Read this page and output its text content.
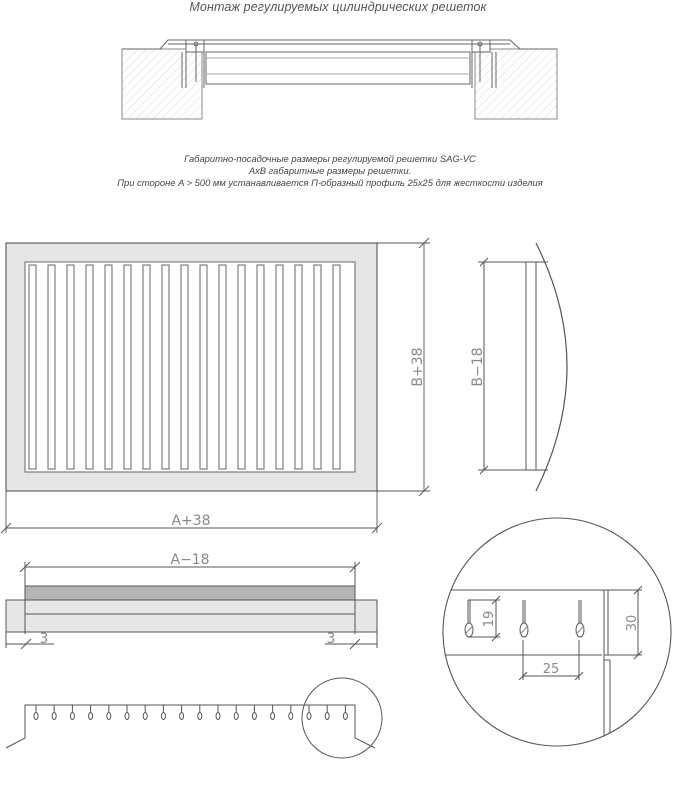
Монтаж регулируемых цилиндрических решеток
B+38	B−18
A+38
A−18
3	3
19	30
25
Габаритно-посадочные размеры регулируемой решетки SAG-VC
AxB габаритные размеры решетки.
При стороне A > 500 мм устанавливается П-образный профиль 25х25 для жесткости изделия
